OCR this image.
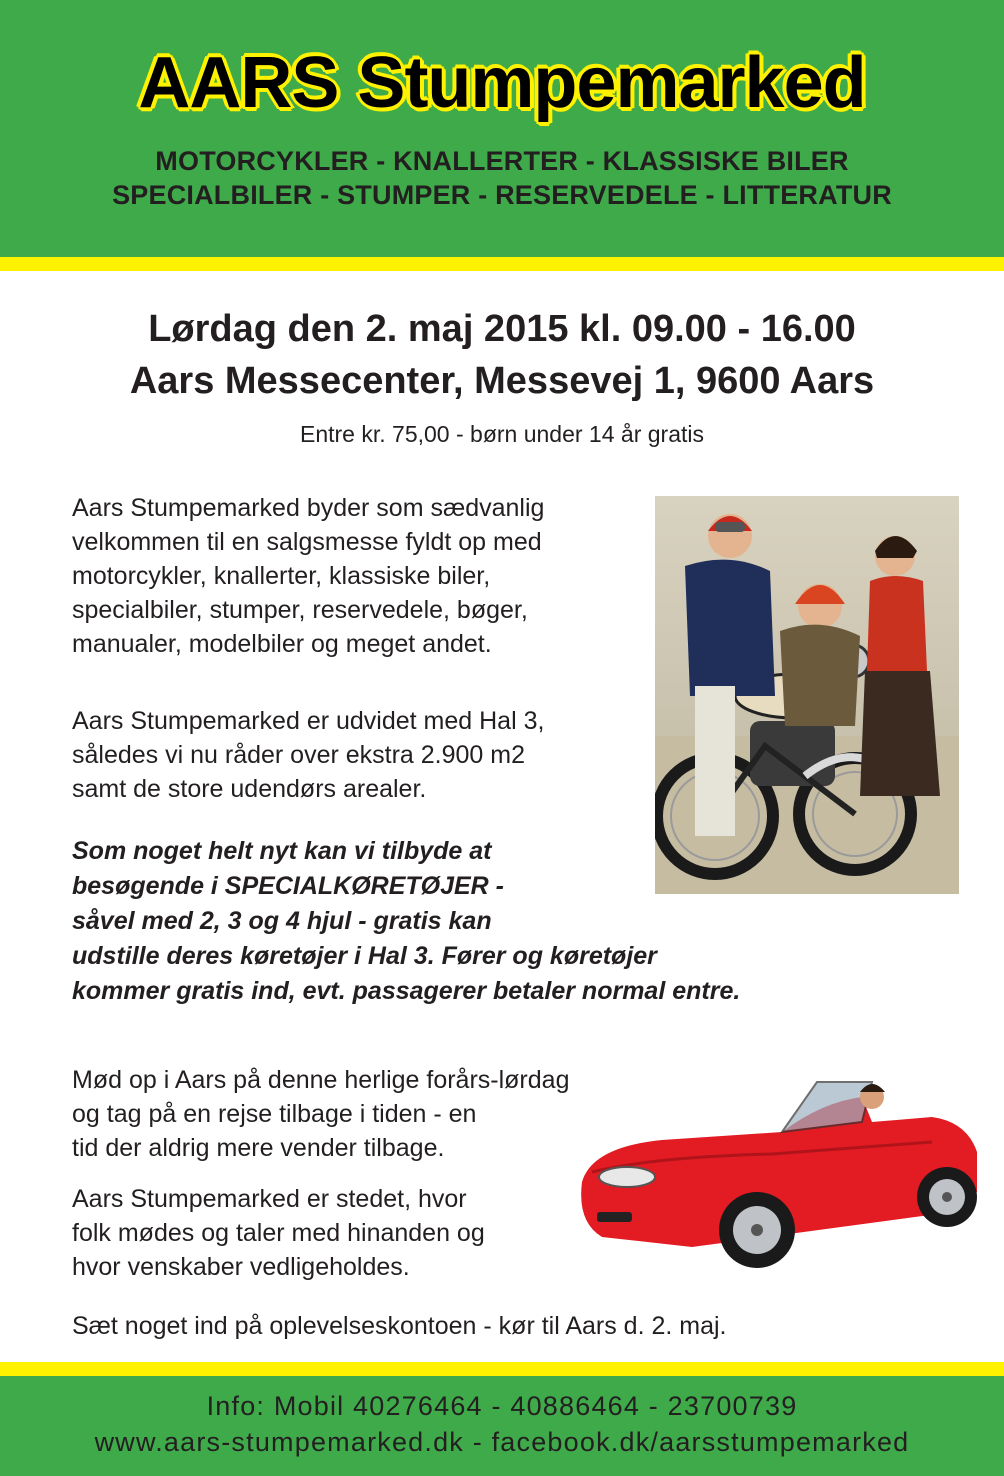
AARS Stumpemarked
MOTORCYKLER - KNALLERTER - KLASSISKE BILER
SPECIALBILER - STUMPER - RESERVEDELE - LITTERATUR
Lørdag den 2. maj 2015 kl. 09.00 - 16.00
Aars Messecenter, Messevej 1, 9600 Aars
Entre kr. 75,00 - børn under 14 år gratis
Aars Stumpemarked byder som sædvanlig
velkommen til en salgsmesse fyldt op med
motorcykler, knallerter, klassiske biler,
specialbiler, stumper, reservedele, bøger,
manualer, modelbiler og meget andet.
Aars Stumpemarked er udvidet med Hal 3,
således vi nu råder over ekstra 2.900 m2
samt de store udendørs arealer.
Som noget helt nyt kan vi tilbyde at
besøgende i SPECIALKØRETØJER -
såvel med 2, 3 og 4 hjul - gratis kan
udstille deres køretøjer i Hal 3. Fører og køretøjer
kommer gratis ind, evt. passagerer betaler normal entre.
Mød op i Aars på denne herlige forårs-lørdag
og tag på en rejse tilbage i tiden - en
tid der aldrig mere vender tilbage.
Aars Stumpemarked er stedet, hvor
folk mødes og taler med hinanden og
hvor venskaber vedligeholdes.
Sæt noget ind på oplevelseskontoen - kør til Aars d. 2. maj.
Info: Mobil 40276464 - 40886464 - 23700739
www.aars-stumpemarked.dk - facebook.dk/aarsstumpemarked
